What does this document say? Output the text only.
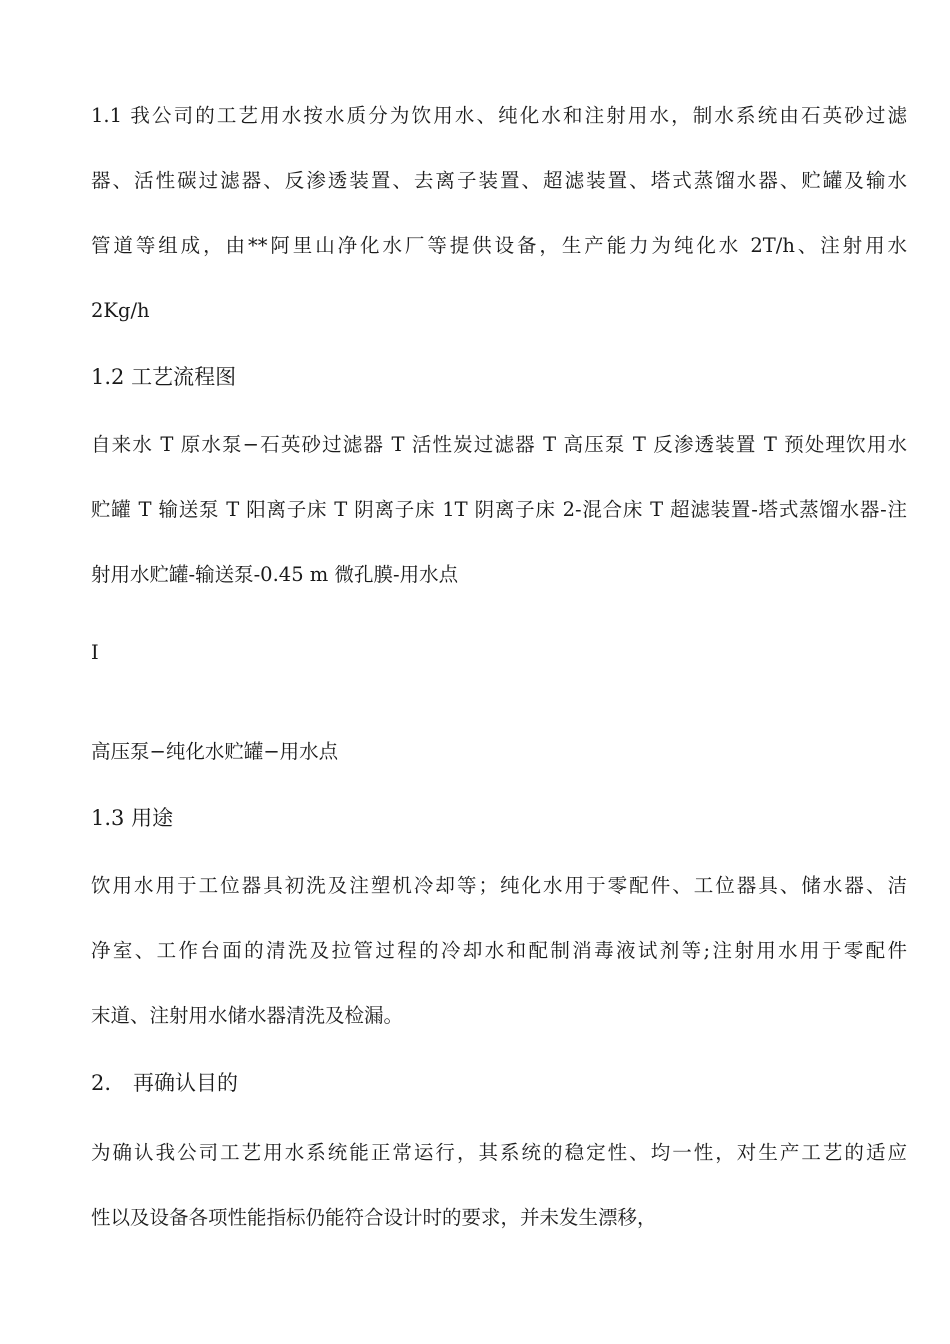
1.1 我公司的工艺用水按水质分为饮用水、纯化水和注射用水，制水系统由石英砂过滤
器、活性碳过滤器、反渗透装置、去离子装置、超滤装置、塔式蒸馏水器、贮罐及输水
管道等组成，由**阿里山净化水厂等提供设备，生产能力为纯化水 2T/h、注射用水
2Kg/h
1.2 工艺流程图
自来水 T 原水泵−石英砂过滤器 T 活性炭过滤器 T 高压泵 T 反渗透装置 T 预处理饮用水
贮罐 T 输送泵 T 阳离子床 T 阴离子床 1T 阴离子床 2-混合床 T 超滤装置-塔式蒸馏水器-注
射用水贮罐-输送泵-0.45 m 微孔膜-用水点
I
高压泵−纯化水贮罐−用水点
1.3 用途
饮用水用于工位器具初洗及注塑机冷却等；纯化水用于零配件、工位器具、储水器、洁
净室、工作台面的清洗及拉管过程的冷却水和配制消毒液试剂等;注射用水用于零配件
末道、注射用水储水器清洗及检漏。
2. 再确认目的
为确认我公司工艺用水系统能正常运行，其系统的稳定性、均一性，对生产工艺的适应
性以及设备各项性能指标仍能符合设计时的要求，并未发生漂移，
